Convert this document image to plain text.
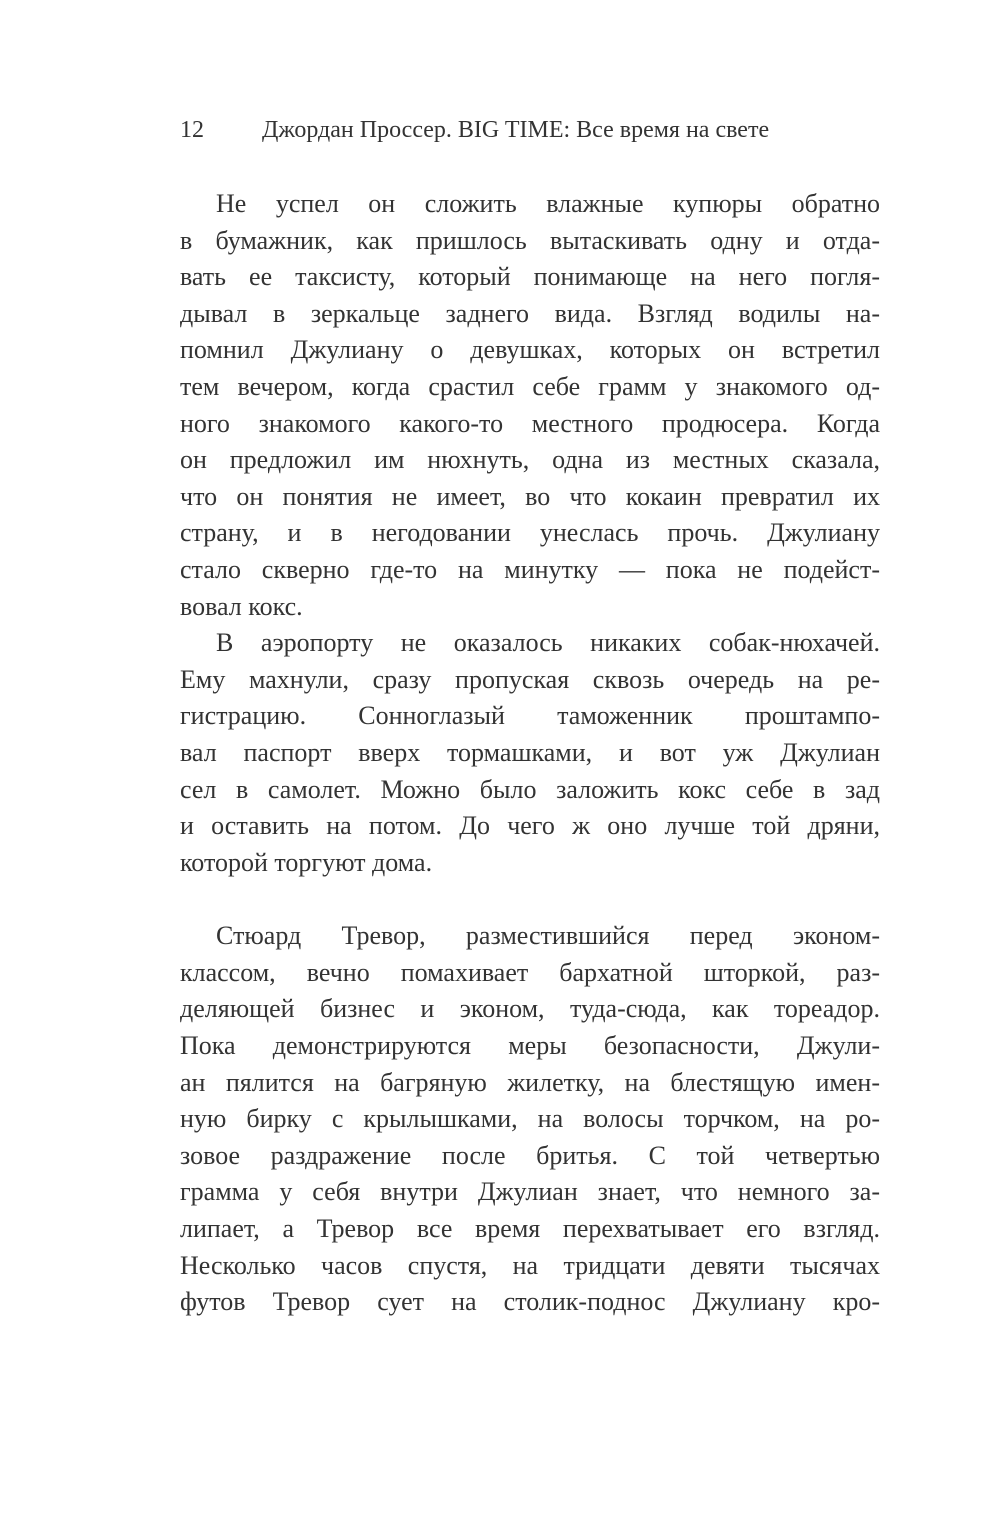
12 Джордан Проссер. BIG TIME: Все время на свете
Не успел он сложить влажные купюры обратно
в бумажник, как пришлось вытаскивать одну и отда-
вать ее таксисту, который понимающе на него погля-
дывал в зеркальце заднего вида. Взгляд водилы на-
помнил Джулиану о девушках, которых он встретил
тем вечером, когда срастил себе грамм у знакомого од-
ного знакомого какого-то местного продюсера. Когда
он предложил им нюхнуть, одна из местных сказала,
что он понятия не имеет, во что кокаин превратил их
страну, и в негодовании унеслась прочь. Джулиану
стало скверно где-то на минутку — пока не подейст-
вовал кокс.
В аэропорту не оказалось никаких собак-нюхачей.
Ему махнули, сразу пропуская сквозь очередь на ре-
гистрацию. Сонноглазый таможенник проштампо-
вал паспорт вверх тормашками, и вот уж Джулиан
сел в самолет. Можно было заложить кокс себе в зад
и оставить на потом. До чего ж оно лучше той дряни,
которой торгуют дома.
Стюард Тревор, разместившийся перед эконом-
классом, вечно помахивает бархатной шторкой, раз-
деляющей бизнес и эконом, туда-сюда, как тореадор.
Пока демонстрируются меры безопасности, Джули-
ан пялится на багряную жилетку, на блестящую имен-
ную бирку с крылышками, на волосы торчком, на ро-
зовое раздражение после бритья. С той четвертью
грамма у себя внутри Джулиан знает, что немного за-
липает, а Тревор все время перехватывает его взгляд.
Несколько часов спустя, на тридцати девяти тысячах
футов Тревор сует на столик-поднос Джулиану кро-
